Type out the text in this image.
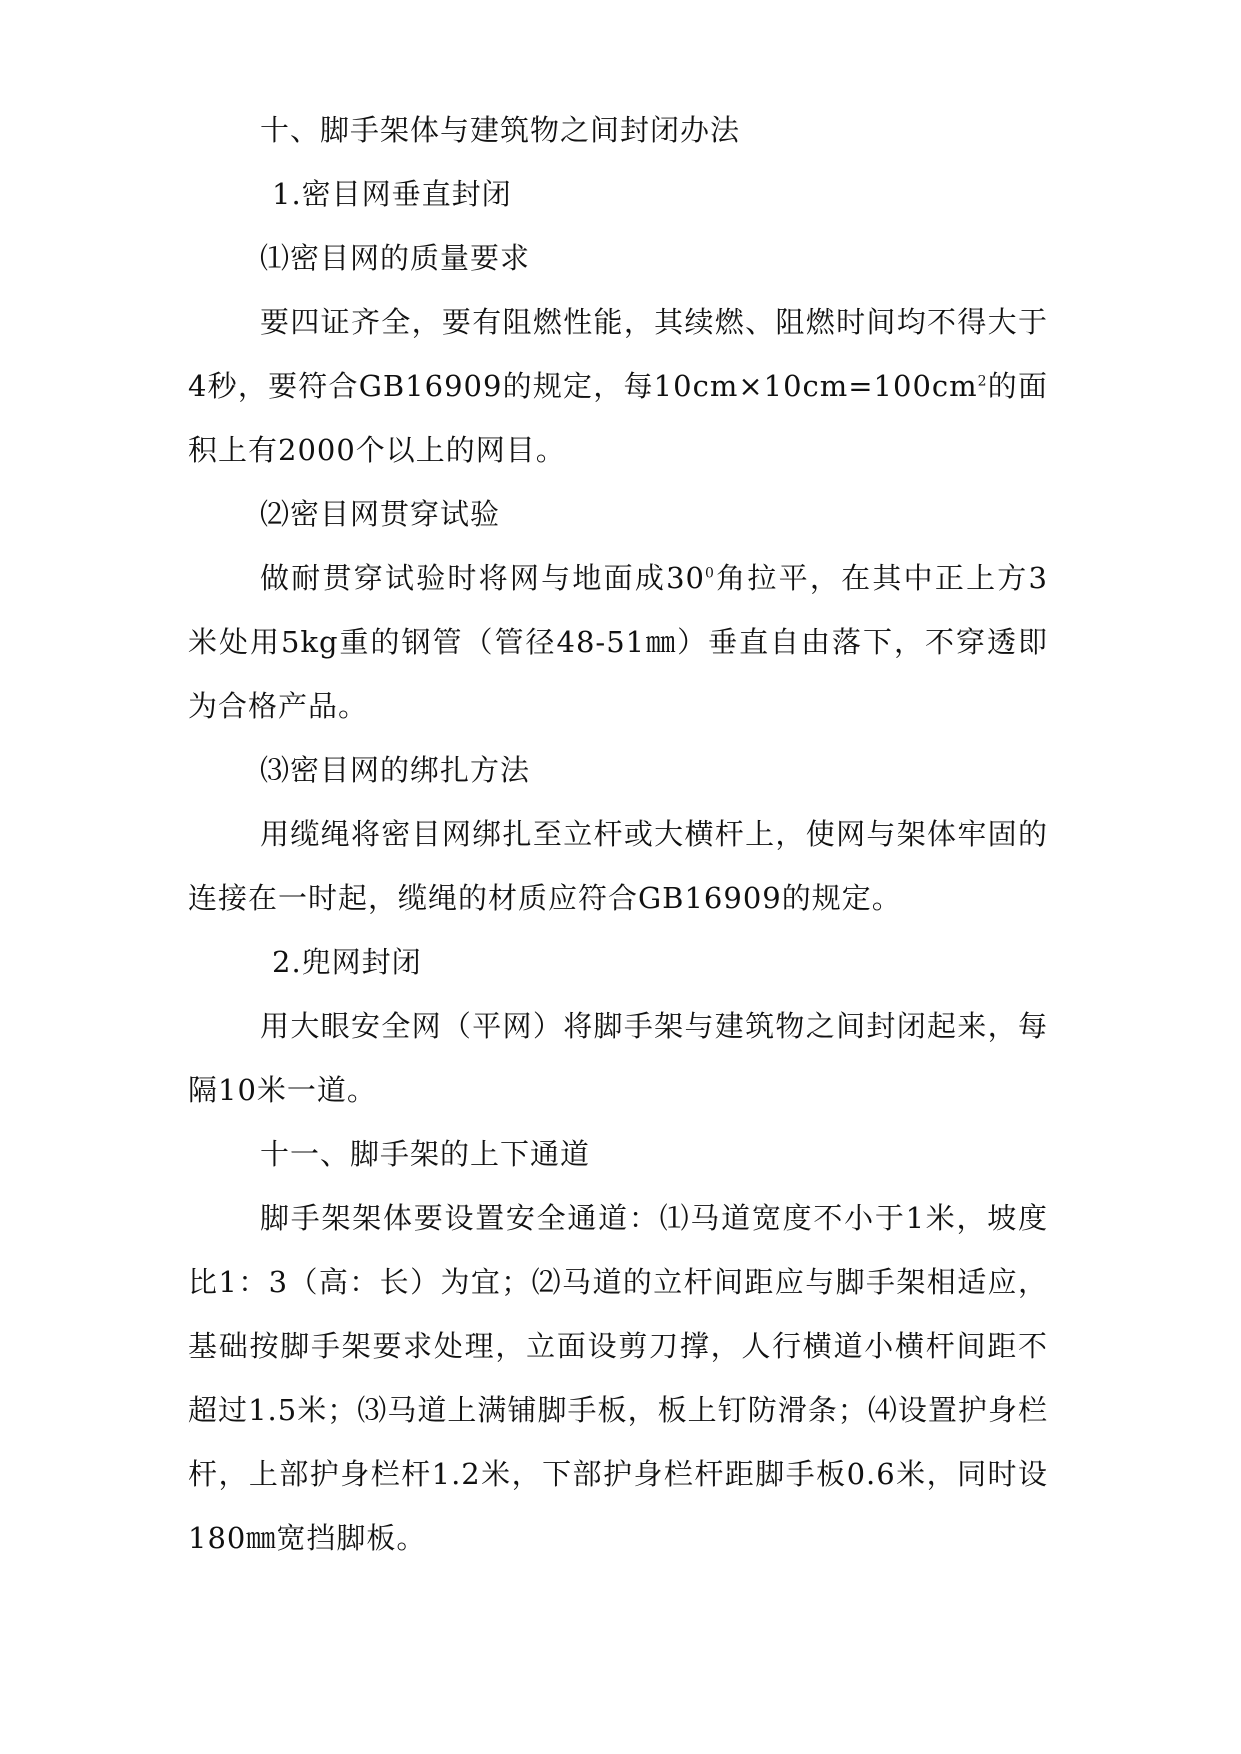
十、脚手架体与建筑物之间封闭办法

1.密目网垂直封闭

⑴密目网的质量要求

要四证齐全，要有阻燃性能，其续燃、阻燃时间均不得大于4秒，要符合GB16909的规定，每$10cm\times 10cm=100cm^2$的面积上有2000个以上的网目。

⑵密目网贯穿试验

做耐贯穿试验时将网与地面成$30^0$角拉平，在其中正上方3米处用5kg重的钢管（管径48-51㎜）垂直自由落下，不穿透即为合格产品。

⑶密目网的绑扎方法

用缆绳将密目网绑扎至立杆或大横杆上，使网与架体牢固的连接在一时起，缆绳的材质应符合GB16909的规定。

2.兜网封闭

用大眼安全网（平网）将脚手架与建筑物之间封闭起来，每隔10米一道。

十一、脚手架的上下通道

脚手架架体要设置安全通道：⑴马道宽度不小于1米，坡度比1：3（高：长）为宜；⑵马道的立杆间距应与脚手架相适应，基础按脚手架要求处理，立面设剪刀撑，人行横道小横杆间距不超过1.5米；⑶马道上满铺脚手板，板上钉防滑条；⑷设置护身栏杆，上部护身栏杆1.2米，下部护身栏杆距脚手板0.6米，同时设180㎜宽挡脚板。
